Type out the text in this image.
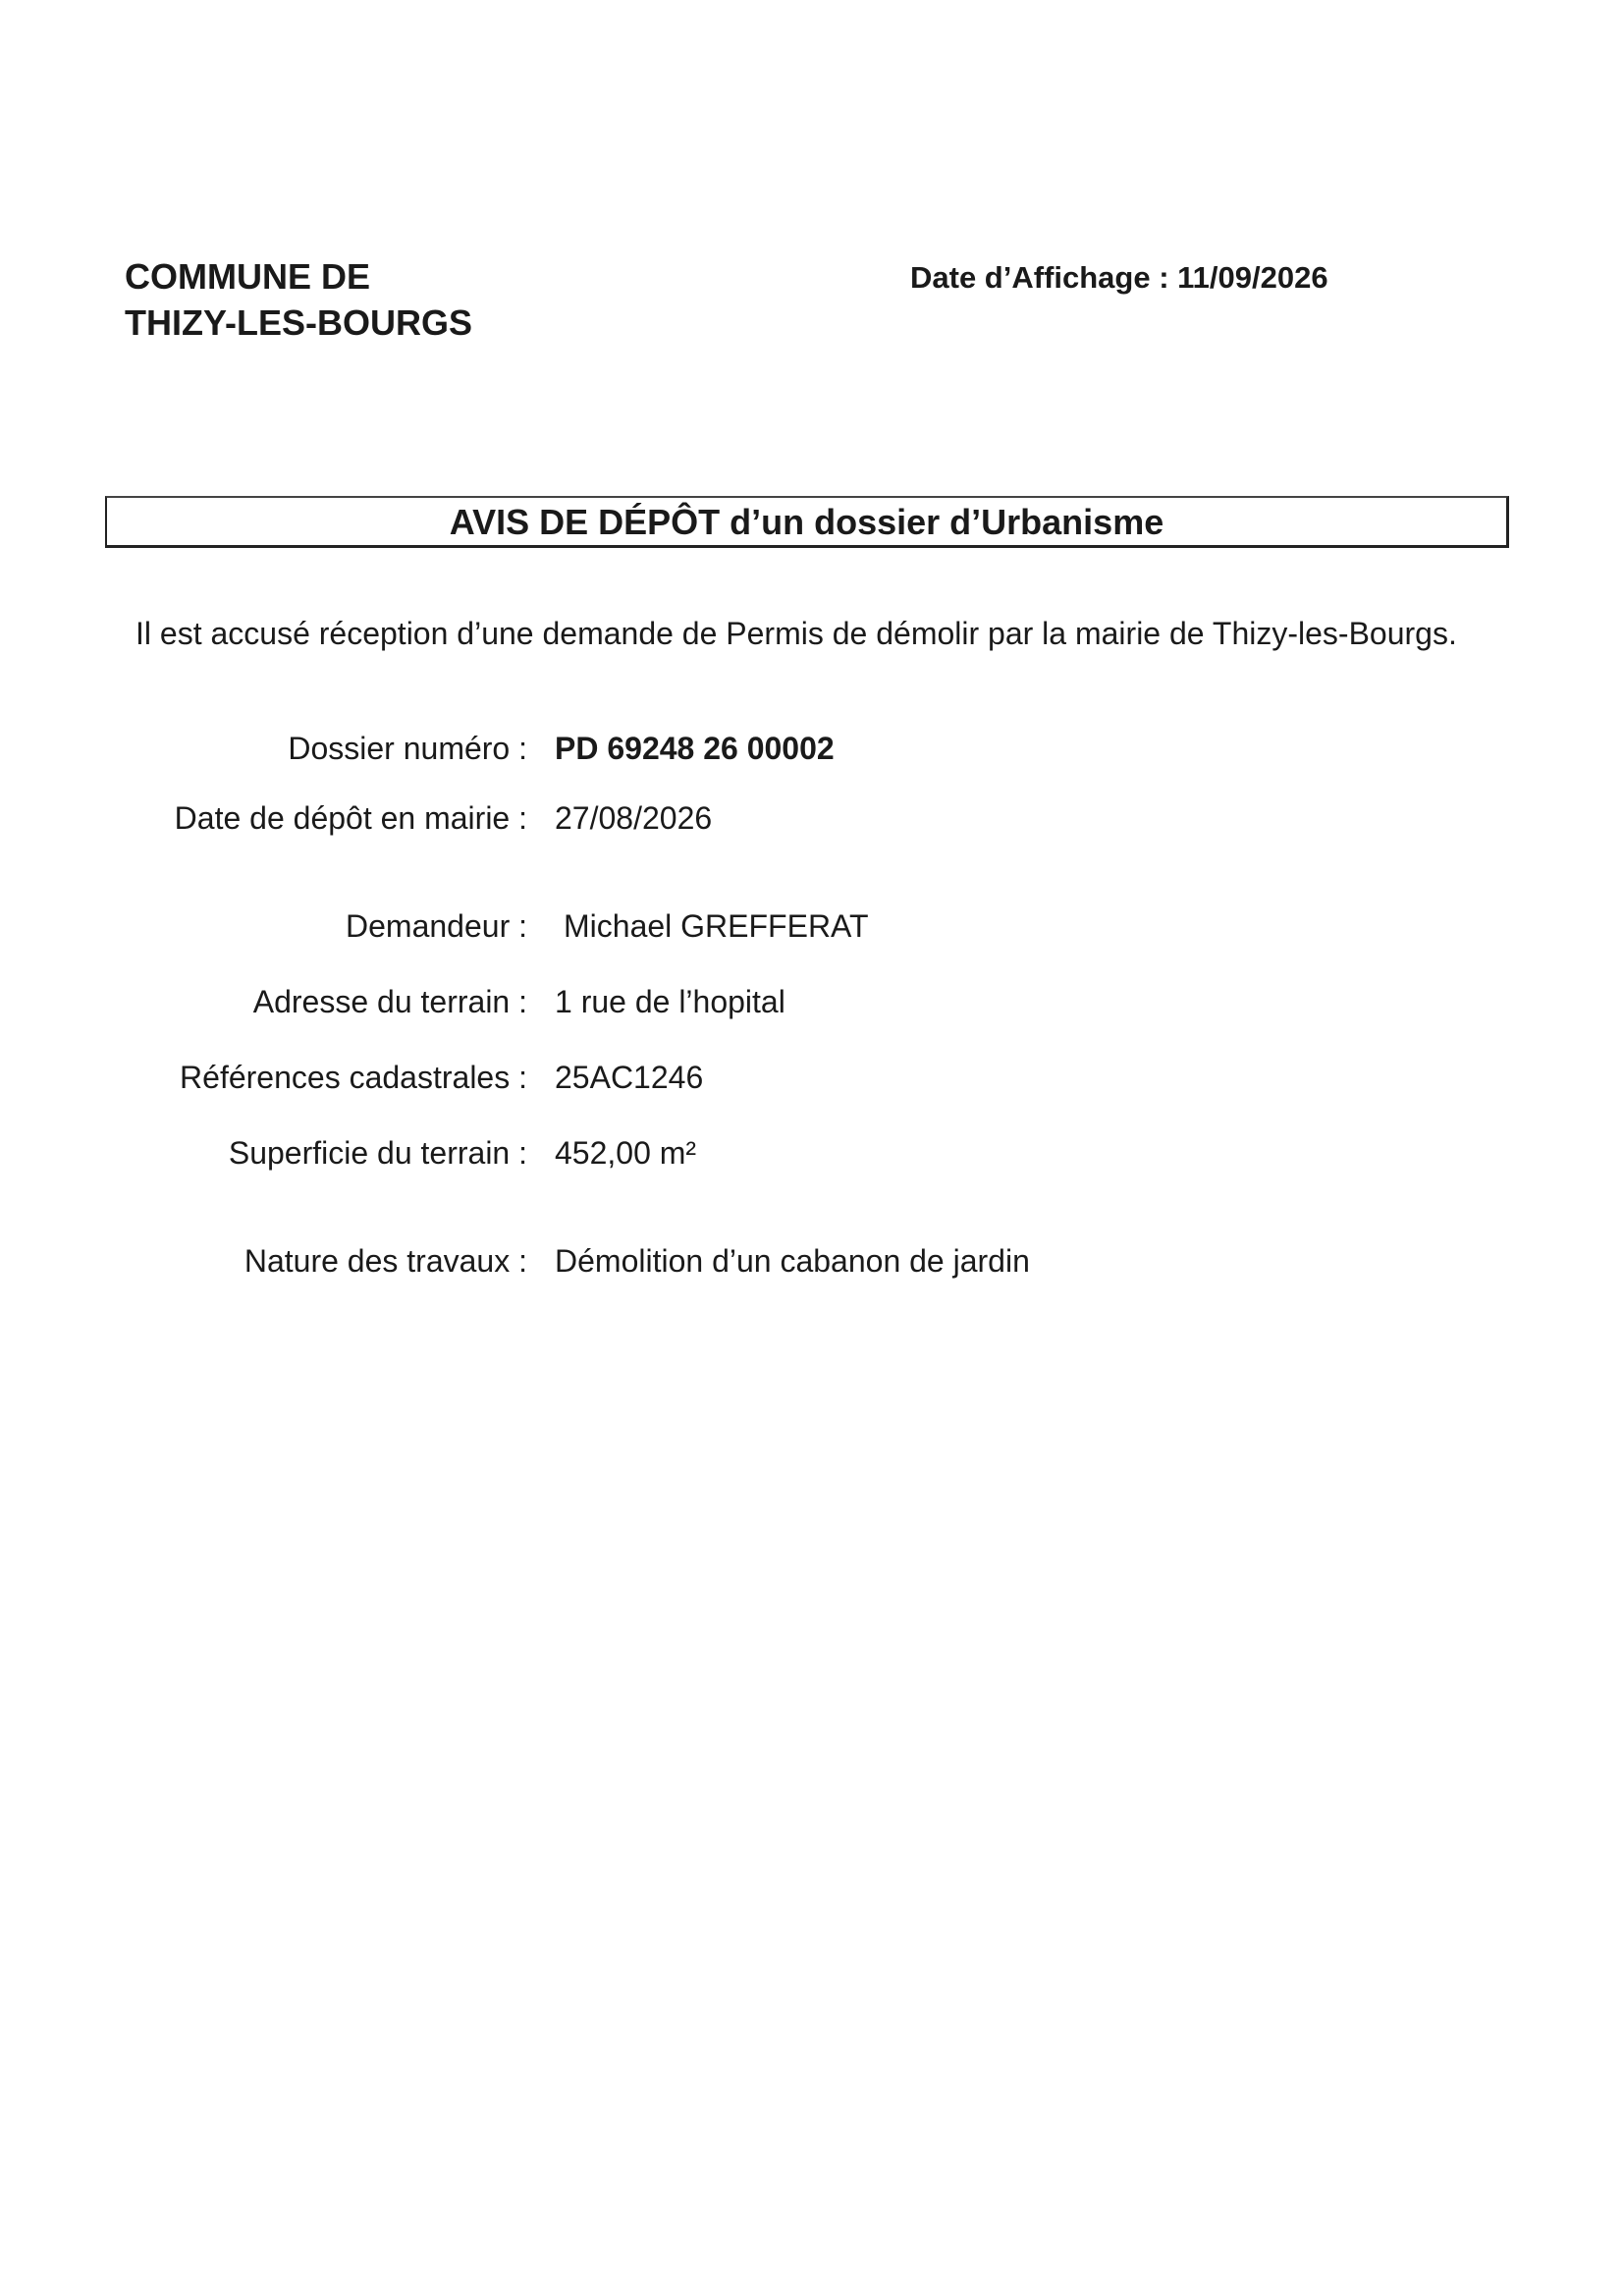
COMMUNE DE
THIZY-LES-BOURGS
Date d’Affichage : 11/09/2026
AVIS DE DÉPÔT d’un dossier d’Urbanisme
Il est accusé réception d’une demande de Permis de démolir par la mairie de Thizy-les-Bourgs.
Dossier numéro : PD 69248 26 00002
Date de dépôt en mairie : 27/08/2026
Demandeur : Michael GREFFERAT
Adresse du terrain : 1 rue de l’hopital
Références cadastrales : 25AC1246
Superficie du terrain : 452,00 m²
Nature des travaux : Démolition d’un cabanon de jardin
